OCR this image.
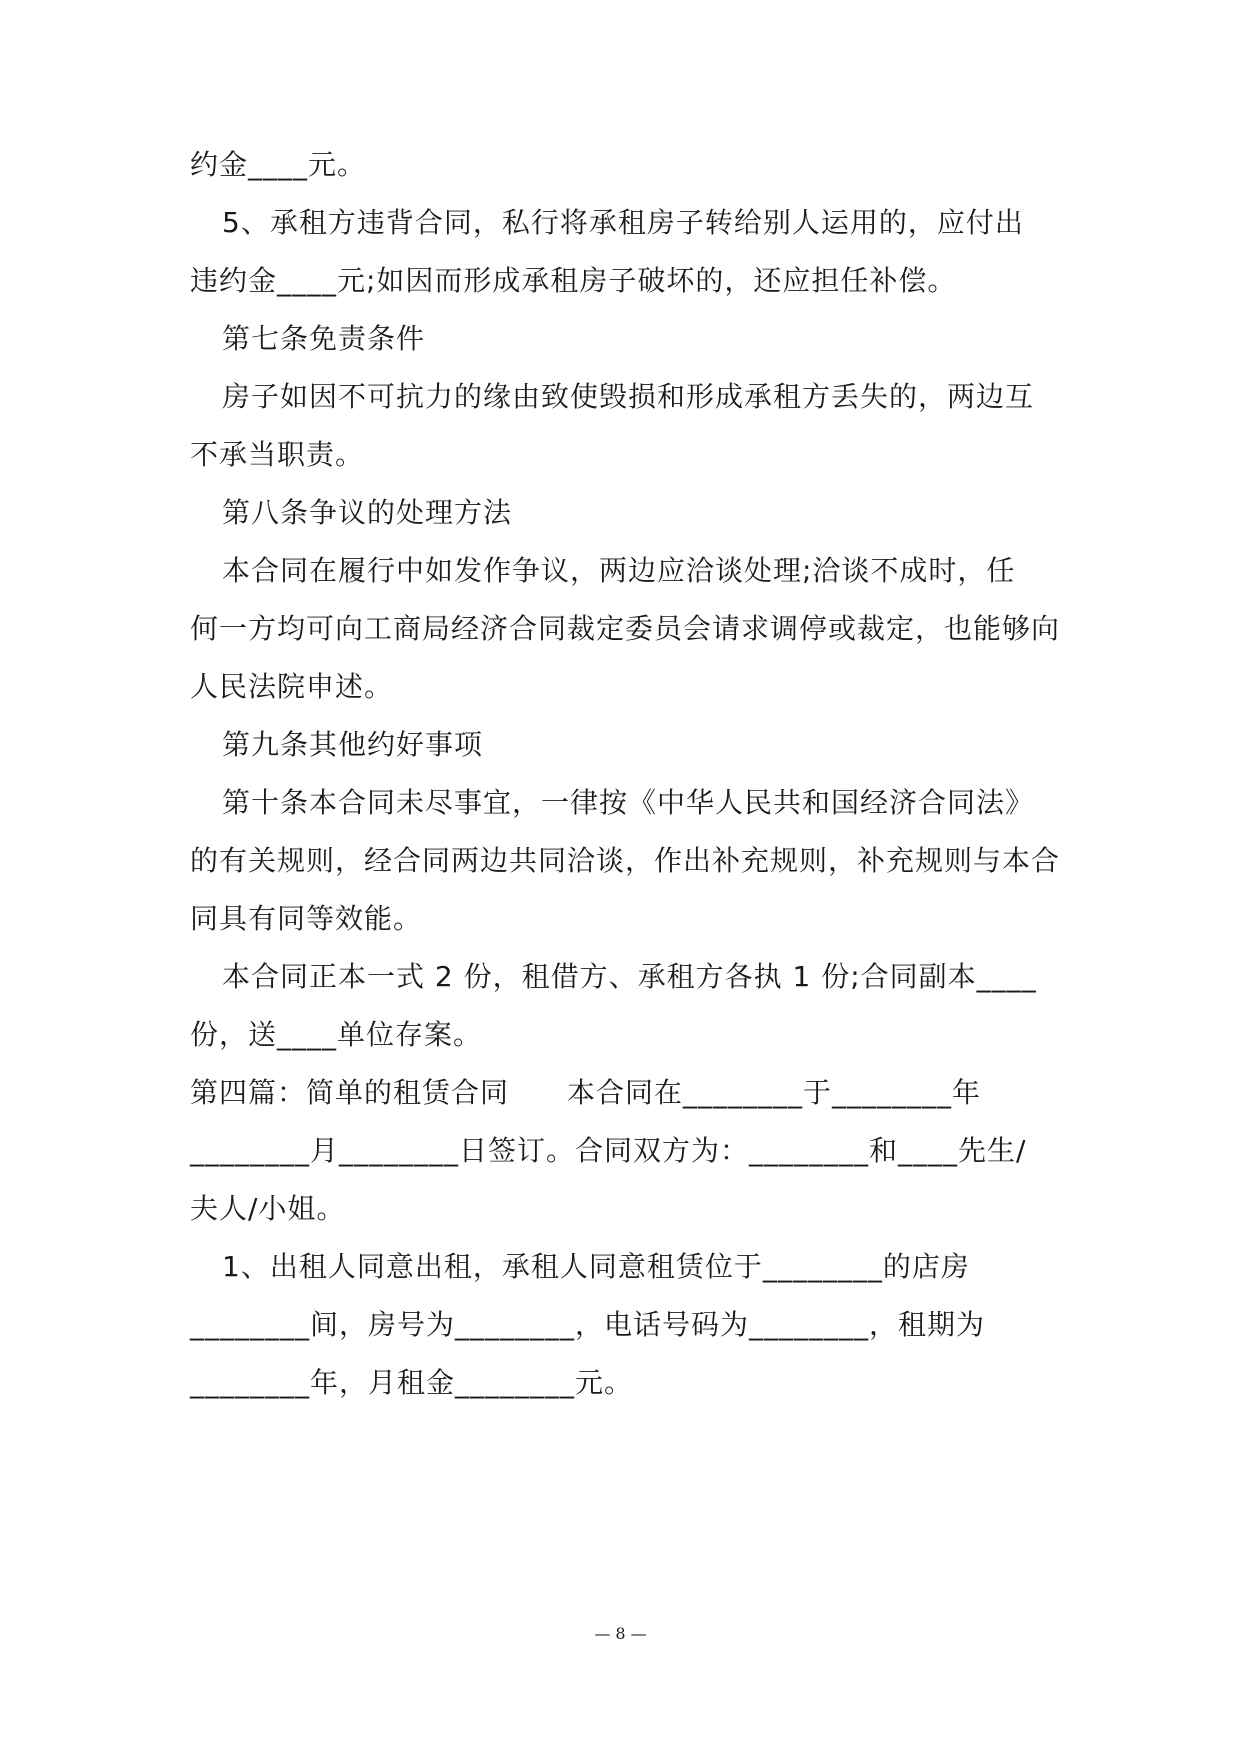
约金____元。
5、承租方违背合同，私行将承租房子转给别人运用的，应付出
违约金____元;如因而形成承租房子破坏的，还应担任补偿。
第七条免责条件
房子如因不可抗力的缘由致使毁损和形成承租方丢失的，两边互
不承当职责。
第八条争议的处理方法
本合同在履行中如发作争议，两边应洽谈处理;洽谈不成时，任
何一方均可向工商局经济合同裁定委员会请求调停或裁定，也能够向
人民法院申述。
第九条其他约好事项
第十条本合同未尽事宜，一律按《中华人民共和国经济合同法》
的有关规则，经合同两边共同洽谈，作出补充规则，补充规则与本合
同具有同等效能。
本合同正本一式 2 份，租借方、承租方各执 1 份;合同副本____
份，送____单位存案。
第四篇：简单的租赁合同　　本合同在________于________年
________月________日签订。合同双方为：________和____先生/
夫人/小姐。
1、出租人同意出租，承租人同意租赁位于________的店房
________间，房号为________，电话号码为________，租期为
________年，月租金________元。
— 8 —
